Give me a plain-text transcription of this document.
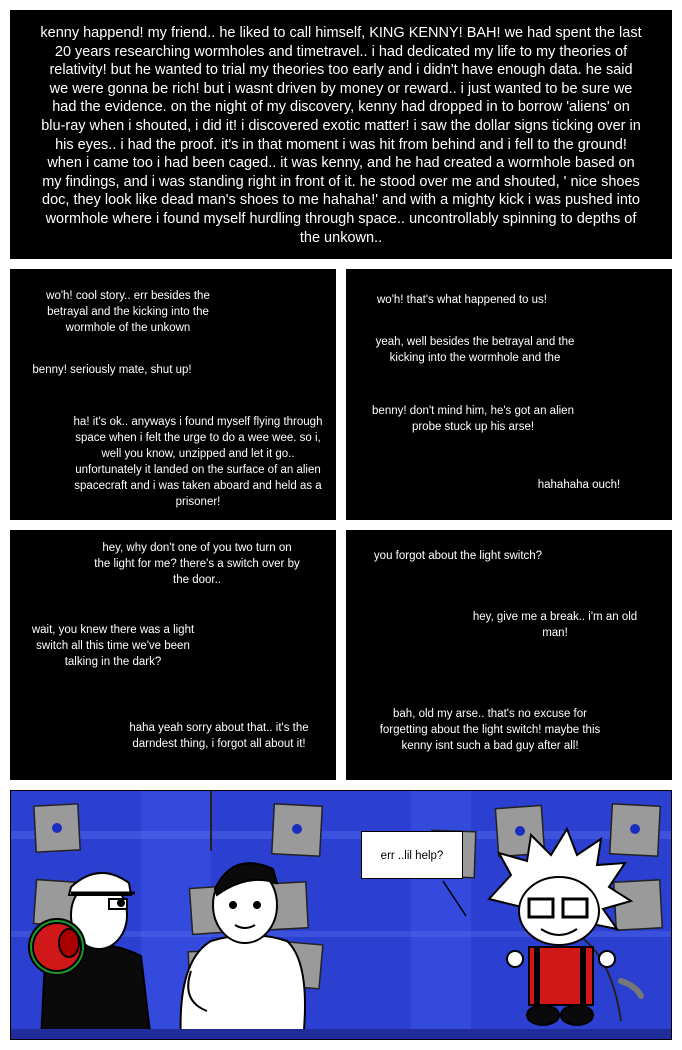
kenny happend! my friend.. he liked to call himself, KING KENNY! BAH! we had spent the last 20 years researching wormholes and timetravel.. i had dedicated my life to my theories of relativity! but he wanted to trial my theories too early and i didn't have enough data. he said we were gonna be rich! but i wasnt driven by money or reward.. i just wanted to be sure we had the evidence. on the night of my discovery, kenny had dropped in to borrow 'aliens' on blu-ray when i shouted, i did it! i discovered exotic matter! i saw the dollar signs ticking over in his eyes.. i had the proof. it's in that moment i was hit from behind and i fell to the ground! when i came too i had been caged.. it was kenny, and he had created a wormhole based on my findings, and i was standing right in front of it. he stood over me and shouted, ' nice shoes doc, they look like dead man's shoes to me hahaha!' and with a mighty kick i was pushed into wormhole where i found myself hurdling through space.. uncontrollably spinning to depths of the unkown..
wo'h! cool story.. err besides the betrayal and the kicking into the wormhole of the unkown
benny! seriously mate, shut up!
ha! it's ok.. anyways i found myself flying through space when i felt the urge to do a wee wee. so i, well you know, unzipped and let it go.. unfortunately it landed on the surface of an alien spacecraft and i was taken aboard and held as a prisoner!
wo'h! that's what happened to us!
yeah, well besides the betrayal and the kicking into the wormhole and the
benny! don't mind him, he's got an alien probe stuck up his arse!
hahahaha ouch!
hey, why don't one of you two turn on the light for me? there's a switch over by the door..
wait, you knew there was a light switch all this time we've been talking in the dark?
haha yeah sorry about that.. it's the darndest thing, i forgot all about it!
you forgot about the light switch?
hey, give me a break.. i'm an old man!
bah, old my arse.. that's no excuse for forgetting about the light switch! maybe this kenny isnt such a bad guy after all!
err ..lil help?
